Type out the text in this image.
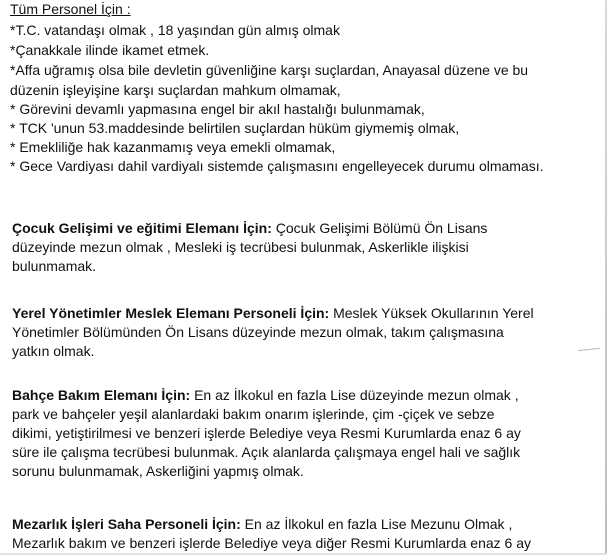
Tüm Personel İçin :
*T.C. vatandaşı olmak , 18 yaşından gün almış olmak
*Çanakkale ilinde ikamet etmek.
*Affa uğramış olsa bile devletin güvenliğine karşı suçlardan, Anayasal düzene ve bu
düzenin işleyişine karşı suçlardan mahkum olmamak,
* Görevini devamlı yapmasına engel bir akıl hastalığı bulunmamak,
* TCK 'unun 53.maddesinde belirtilen suçlardan hüküm giymemiş olmak,
* Emekliliğe hak kazanmamış veya emekli olmamak,
* Gece Vardiyası dahil vardiyalı sistemde çalışmasını engelleyecek durumu olmaması.
Çocuk Gelişimi ve eğitimi Elemanı İçin: Çocuk Gelişimi Bölümü Ön Lisans
düzeyinde mezun olmak , Mesleki iş tecrübesi bulunmak, Askerlikle ilişkisi
bulunmamak.
Yerel Yönetimler Meslek Elemanı Personeli İçin: Meslek Yüksek Okullarının Yerel
Yönetimler Bölümünden Ön Lisans düzeyinde mezun olmak, takım çalışmasına
yatkın olmak.
Bahçe Bakım Elemanı İçin: En az İlkokul en fazla Lise düzeyinde mezun olmak ,
park ve bahçeler yeşil alanlardaki bakım onarım işlerinde, çim -çiçek ve sebze
dikimi, yetiştirilmesi ve benzeri işlerde Belediye veya Resmi Kurumlarda enaz 6 ay
süre ile çalışma tecrübesi bulunmak. Açık alanlarda çalışmaya engel hali ve sağlık
sorunu bulunmamak, Askerliğini yapmış olmak.
Mezarlık İşleri Saha Personeli İçin: En az İlkokul en fazla Lise Mezunu Olmak ,
Mezarlık bakım ve benzeri işlerde Belediye veya diğer Resmi Kurumlarda enaz 6 ay
